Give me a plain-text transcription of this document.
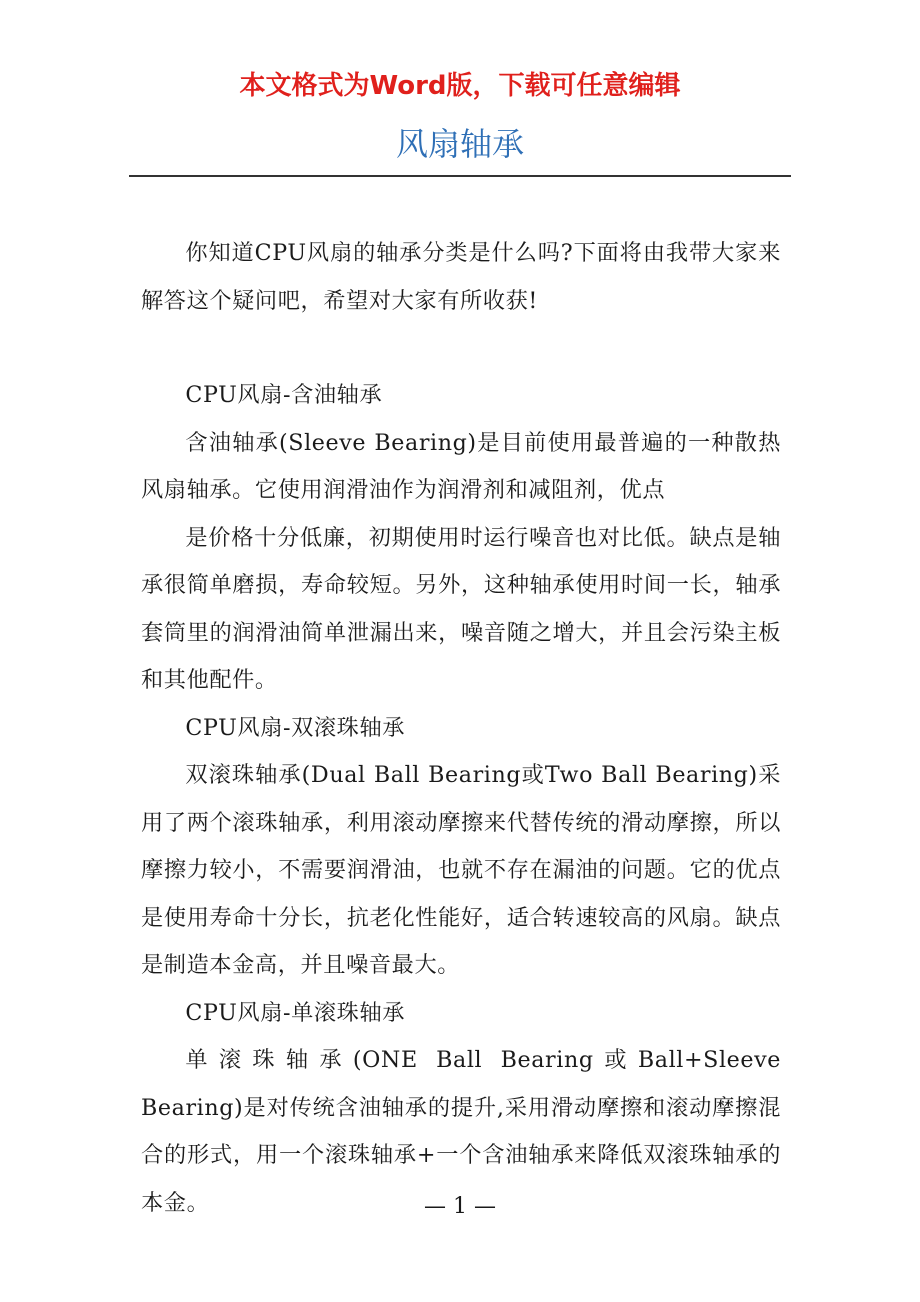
本文格式为Word版，下载可任意编辑
风扇轴承

你知道CPU风扇的轴承分类是什么吗?下面将由我带大家来解答这个疑问吧，希望对大家有所收获!

CPU风扇-含油轴承

含油轴承(Sleeve Bearing)是目前使用最普遍的一种散热风扇轴承。它使用润滑油作为润滑剂和减阻剂，优点

是价格十分低廉，初期使用时运行噪音也对比低。缺点是轴承很简单磨损，寿命较短。另外，这种轴承使用时间一长，轴承套筒里的润滑油简单泄漏出来，噪音随之增大，并且会污染主板和其他配件。

CPU风扇-双滚珠轴承

双滚珠轴承(Dual Ball Bearing或Two Ball Bearing)采用了两个滚珠轴承，利用滚动摩擦来代替传统的滑动摩擦，所以摩擦力较小，不需要润滑油，也就不存在漏油的问题。它的优点是使用寿命十分长，抗老化性能好，适合转速较高的风扇。缺点是制造本金高，并且噪音最大。

CPU风扇-单滚珠轴承

单滚珠轴承(ONE Ball Bearing或Ball+Sleeve Bearing)是对传统含油轴承的提升,采用滑动摩擦和滚动摩擦混合的形式，用一个滚珠轴承+一个含油轴承来降低双滚珠轴承的本金。	— 1 —
